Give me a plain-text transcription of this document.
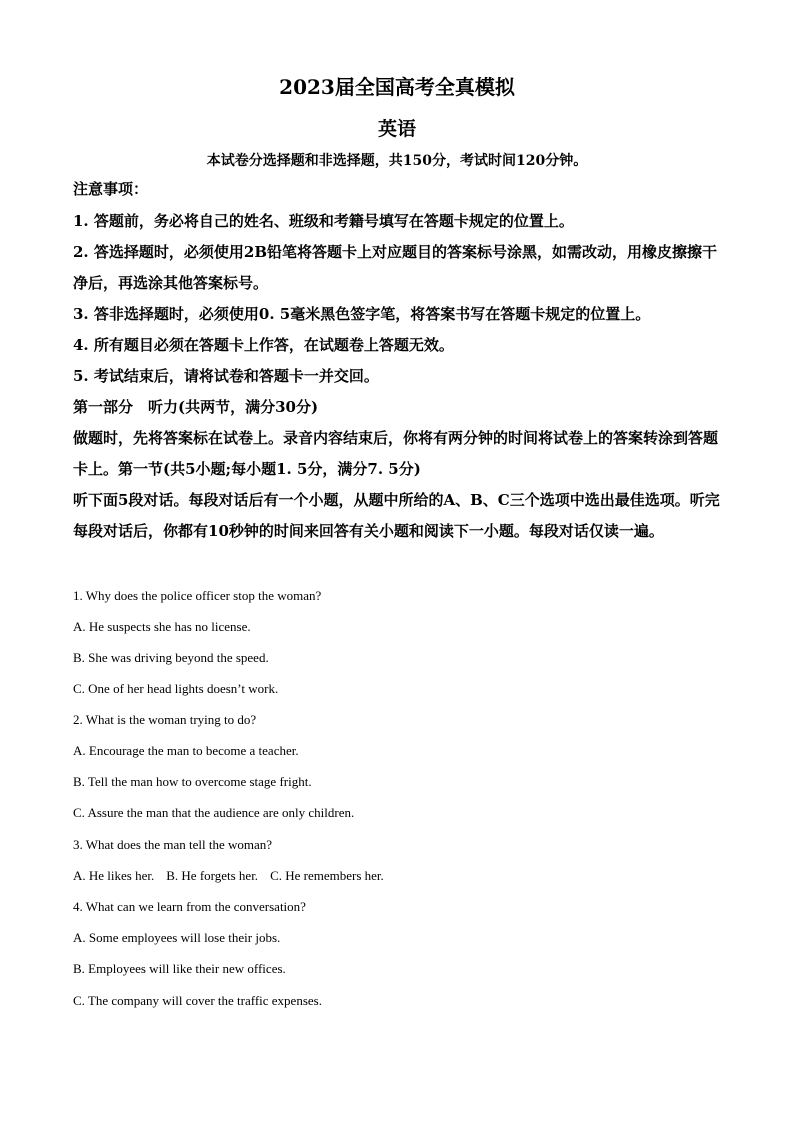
2023届全国高考全真模拟
英语
本试卷分选择题和非选择题，共150分，考试时间120分钟。
注意事项：
1. 答题前，务必将自己的姓名、班级和考籍号填写在答题卡规定的位置上。
2. 答选择题时，必须使用2B铅笔将答题卡上对应题目的答案标号涂黑，如需改动，用橡皮擦擦干净后，再选涂其他答案标号。
3. 答非选择题时，必须使用0. 5毫米黑色签字笔，将答案书写在答题卡规定的位置上。
4. 所有题目必须在答题卡上作答，在试题卷上答题无效。
5. 考试结束后，请将试卷和答题卡一并交回。
第一部分　听力(共两节，满分30分)
做题时，先将答案标在试卷上。录音内容结束后，你将有两分钟的时间将试卷上的答案转涂到答题卡上。第一节(共5小题;每小题1. 5分，满分7. 5分)
听下面5段对话。每段对话后有一个小题，从题中所给的A、B、C三个选项中选出最佳选项。听完每段对话后，你都有10秒钟的时间来回答有关小题和阅读下一小题。每段对话仅读一遍。
1. Why does the police officer stop the woman?
A. He suspects she has no license.
B. She was driving beyond the speed.
C. One of her head lights doesn’t work.
2. What is the woman trying to do?
A. Encourage the man to become a teacher.
B. Tell the man how to overcome stage fright.
C. Assure the man that the audience are only children.
3. What does the man tell the woman?
A. He likes her. B. He forgets her. C. He remembers her.
4. What can we learn from the conversation?
A. Some employees will lose their jobs.
B. Employees will like their new offices.
C. The company will cover the traffic expenses.
